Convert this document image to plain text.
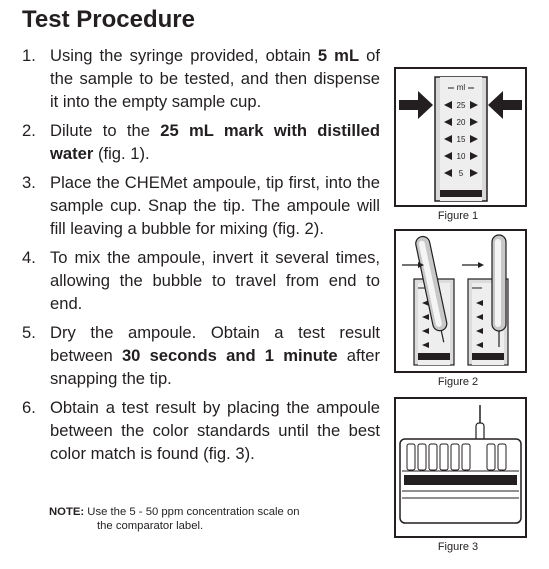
Test Procedure
1. Using the syringe provided, obtain 5 mL of the sample to be tested, and then dispense it into the empty sample cup.
2. Dilute to the 25 mL mark with distilled water (fig. 1).
3. Place the CHEMet ampoule, tip first, into the sample cup. Snap the tip. The ampoule will fill leaving a bubble for mixing (fig. 2).
4. To mix the ampoule, invert it several times, allowing the bubble to travel from end to end.
5. Dry the ampoule. Obtain a test result between 30 seconds and 1 minute after snapping the tip.
6. Obtain a test result by placing the ampoule between the color standards until the best color match is found (fig. 3).
NOTE: Use the 5 - 50 ppm concentration scale on
the comparator label.
ml
25
20
15
10
5
Figure 1
Figure 2
Figure 3
